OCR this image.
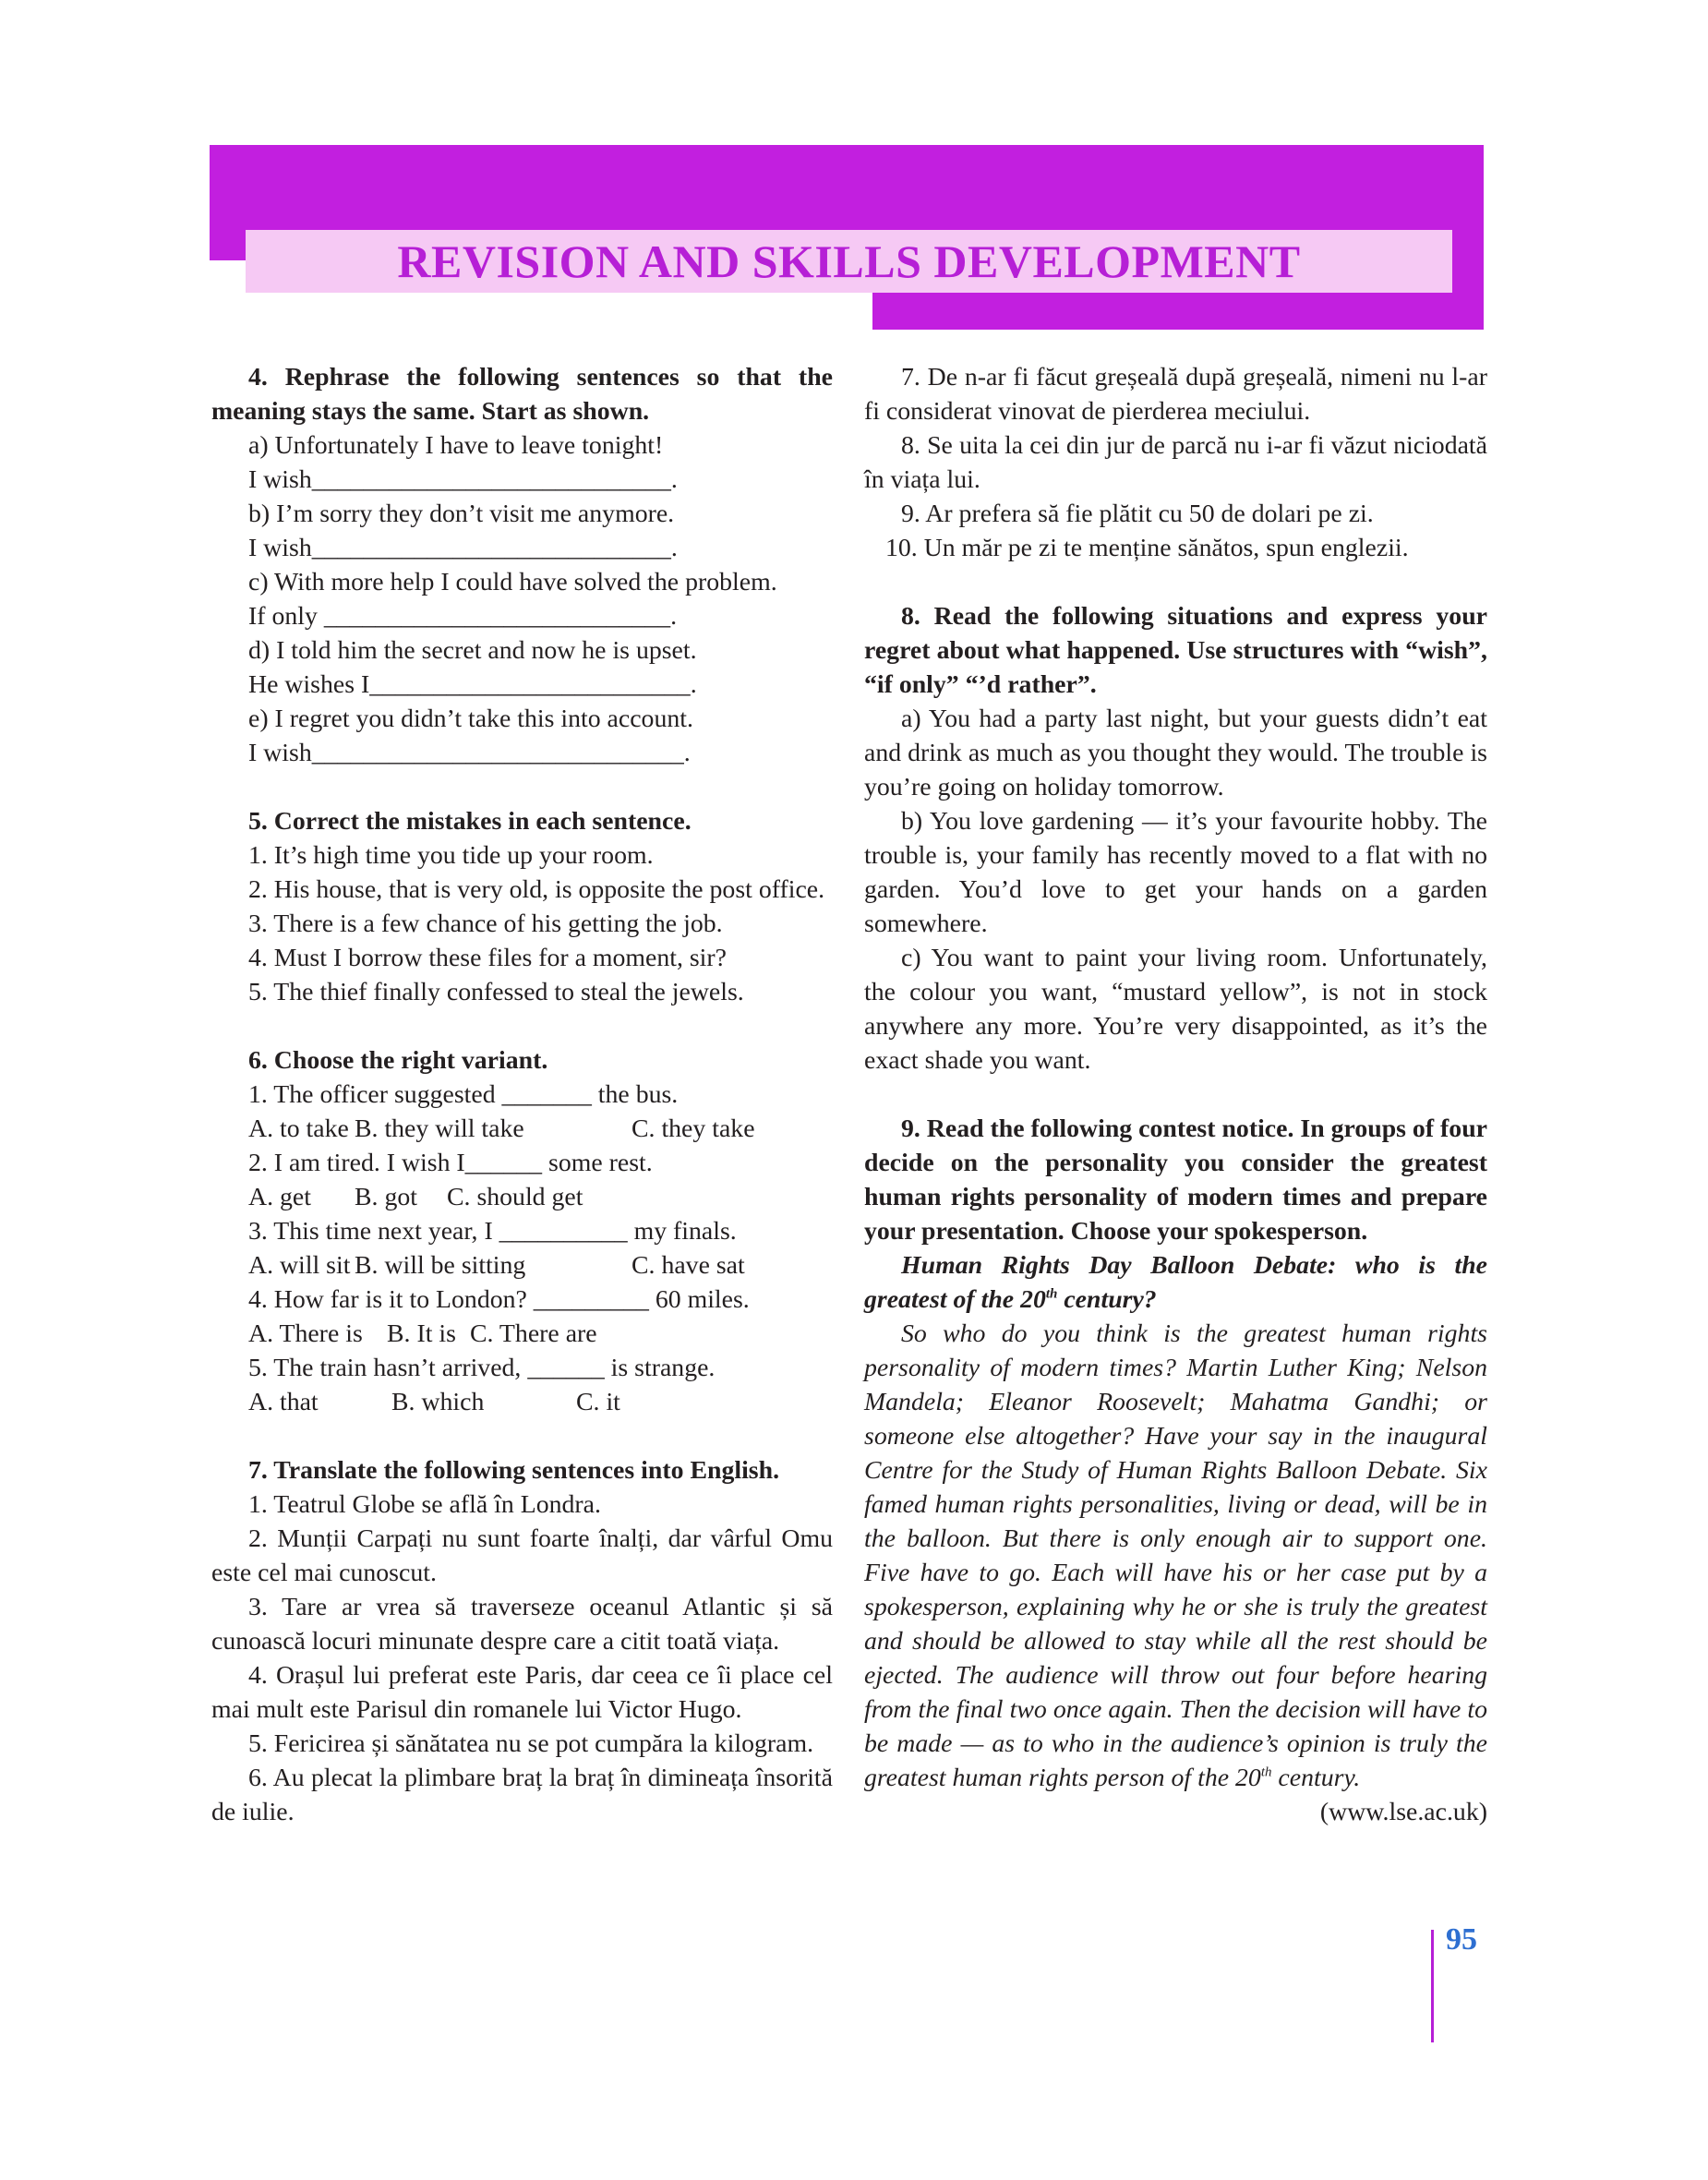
REVISION AND SKILLS DEVELOPMENT

4. Rephrase the following sentences so that the meaning stays the same. Start as shown.

a) Unfortunately I have to leave tonight!

I wish____________________________.

b) I’m sorry they don’t visit me anymore.

I wish____________________________.

c) With more help I could have solved the problem.

If only ___________________________.

d) I told him the secret and now he is upset.

He wishes I_________________________.

e) I regret you didn’t take this into account.

I wish_____________________________.

5. Correct the mistakes in each sentence.

1. It’s high time you tide up your room.

2. His house, that is very old, is opposite the post office.

3. There is a few chance of his getting the job.

4. Must I borrow these files for a moment, sir?

5. The thief finally confessed to steal the jewels.

6. Choose the right variant.

1. The officer suggested _______ the bus.

A. to take B. they will take	C. they take

2. I am tired. I wish I______ some rest.

A. get	B. got	C. should get

3. This time next year, I __________ my finals.

A. will sit B. will be sitting	C. have sat

4. How far is it to London? _________ 60 miles.

A. There is B. It is C. There are

5. The train hasn’t arrived, ______ is strange.

A. that	B. which	C. it

7. Translate the following sentences into English.

1. Teatrul Globe se află în Londra.

2. Munții Carpați nu sunt foarte înalți, dar vârful Omu este cel mai cunoscut.

3. Tare ar vrea să traverseze oceanul Atlantic și să cunoască locuri minunate despre care a citit toată viața.

4. Orașul lui preferat este Paris, dar ceea ce îi place cel mai mult este Parisul din romanele lui Victor Hugo.

5. Fericirea și sănătatea nu se pot cumpăra la kilogram.

6. Au plecat la plimbare braț la braț în dimineața însorită de iulie.

7. De n-ar fi făcut greșeală după greșeală, nimeni nu l-ar fi considerat vinovat de pierderea meciului.

8. Se uita la cei din jur de parcă nu i-ar fi văzut niciodată în viața lui.

9. Ar prefera să fie plătit cu 50 de dolari pe zi.

10. Un măr pe zi te menține sănătos, spun englezii.

8. Read the following situations and express your regret about what happened. Use structures with “wish”, “if only” “’d rather”.

a) You had a party last night, but your guests didn’t eat and drink as much as you thought they would. The trouble is you’re going on holiday tomorrow.

b) You love gardening — it’s your favourite hobby. The trouble is, your family has recently moved to a flat with no garden. You’d love to get your hands on a garden somewhere.

c) You want to paint your living room. Unfortunately, the colour you want, “mustard yellow”, is not in stock anywhere any more. You’re very disappointed, as it’s the exact shade you want.

9. Read the following contest notice. In groups of four decide on the personality you consider the greatest human rights personality of modern times and prepare your presentation. Choose your spokesperson.

Human Rights Day Balloon Debate: who is the greatest of the 20th century?

So who do you think is the greatest human rights personality of modern times? Martin Luther King; Nelson Mandela; Eleanor Roosevelt; Mahatma Gandhi; or someone else altogether? Have your say in the inaugural Centre for the Study of Human Rights Balloon Debate. Six famed human rights personalities, living or dead, will be in the balloon. But there is only enough air to support one. Five have to go. Each will have his or her case put by a spokesperson, explaining why he or she is truly the greatest and should be allowed to stay while all the rest should be ejected. The audience will throw out four before hearing from the final two once again. Then the decision will have to be made — as to who in the audience’s opinion is truly the greatest human rights person of the 20th century.

(www.lse.ac.uk)

95
